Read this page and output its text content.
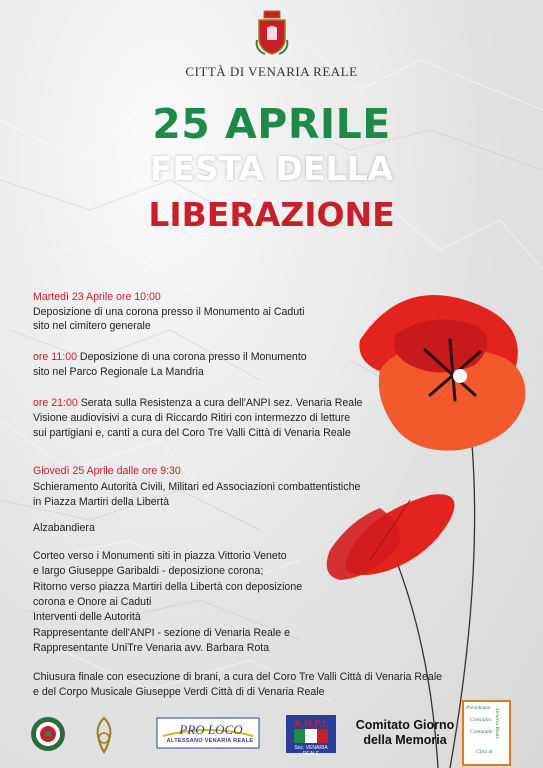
CITTÀ DI VENARIA REALE
25 APRILE
FESTA DELLA
LIBERAZIONE
Martedì 23 Aprile ore 10:00
Deposizione di una corona presso il Monumento ai Caduti
sito nel cimitero generale
ore 11:00 Deposizione di una corona presso il Monumento
sito nel Parco Regionale La Mandria
ore 21:00 Serata sulla Resistenza a cura dell'ANPI sez. Venaria Reale
Visione audiovisivi a cura di Riccardo Ritiri con intermezzo di letture
sui partigiani e, canti a cura del Coro Tre Valli Città di Venaria Reale
Giovedì 25 Aprile dalle ore 9:30
Schieramento Autorità Civili, Militari ed Associazioni combattentistiche
in Piazza Martiri della Libertà
Alzabandiera
Corteo verso i Monumenti siti in piazza Vittorio Veneto
e largo Giuseppe Garibaldi - deposizione corona;
Ritorno verso piazza Martiri della Libertà con deposizione
corona e Onore ai Caduti
Interventi delle Autorità
Rappresentante dell'ANPI - sezione di Venaria Reale e
Rappresentante UniTre Venaria avv. Barbara Rota
Chiusura finale con esecuzione di brani, a cura del Coro Tre Valli Città di Venaria Reale
e del Corpo Musicale Giuseppe Verdi Città di di Venaria Reale
PRO LOCO
ALTESSANO VENARIA REALE
A.N.P.I.
Sez. VENARIA REALE
Comitato Giorno
della Memoria
Presidenza
Consiglio
Comunale
Città di
Venaria Reale
